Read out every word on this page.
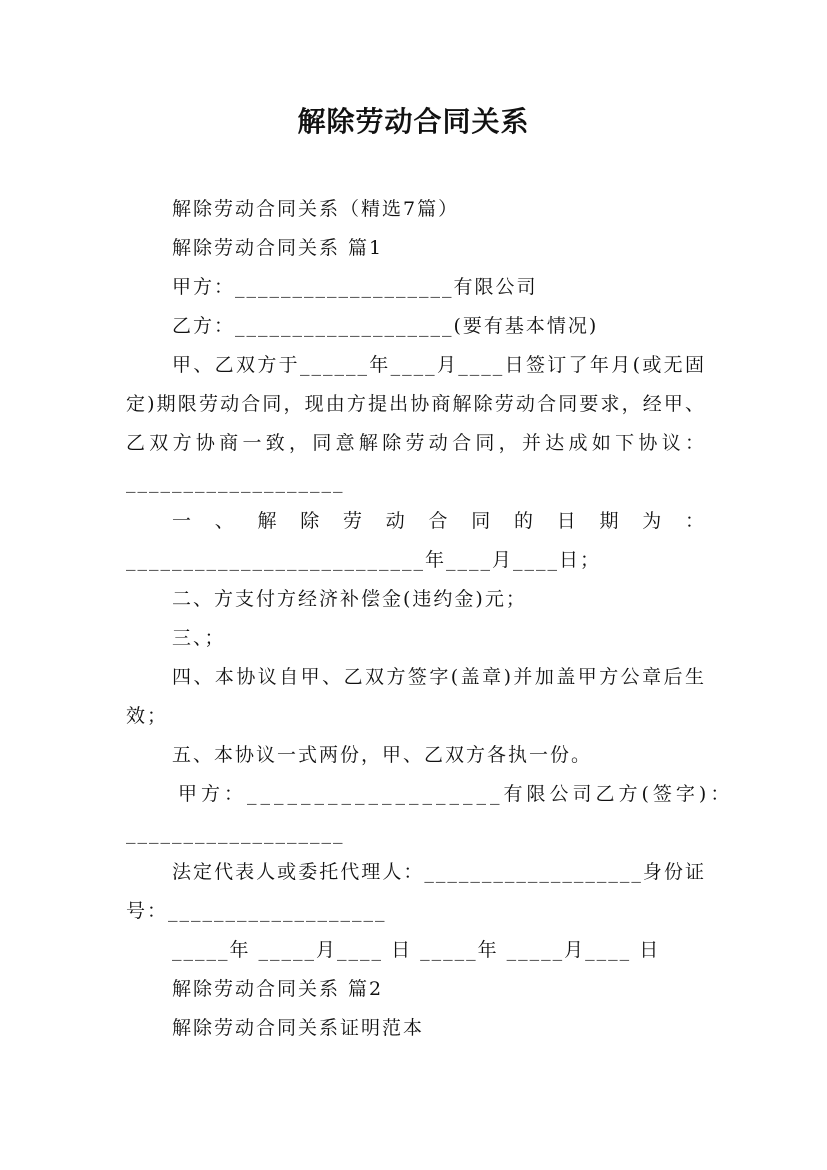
解除劳动合同关系

解除劳动合同关系（精选7篇）

解除劳动合同关系 篇1

甲方：___________________有限公司

乙方：___________________(要有基本情况)

甲、乙双方于______年____月____日签订了年月(或无固定)期限劳动合同，现由方提出协商解除劳动合同要求，经甲、乙双方协商一致，同意解除劳动合同，并达成如下协议：___________________

一、解除劳动合同的日期为：__________________________年____月____日；

二、方支付方经济补偿金(违约金)元；

三、；

四、本协议自甲、乙双方签字(盖章)并加盖甲方公章后生效；

五、本协议一式两份，甲、乙双方各执一份。

甲方：___________________有限公司乙方(签字)：

___________________

法定代表人或委托代理人：___________________身份证号：___________________

_____年 _____月____ 日 _____年 _____月____ 日

解除劳动合同关系 篇2

解除劳动合同关系证明范本
